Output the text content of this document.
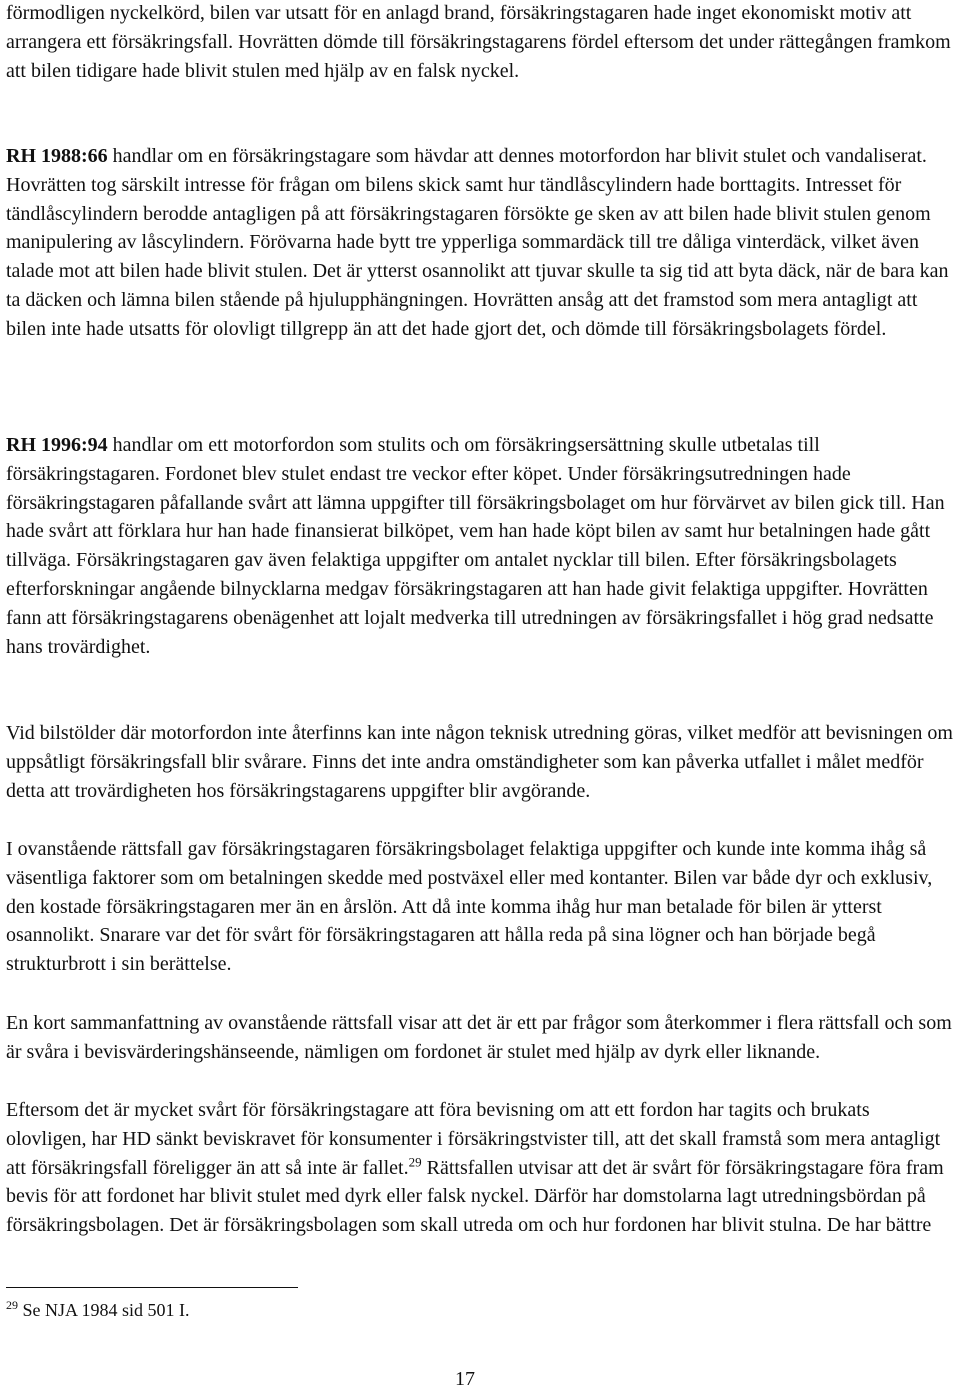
förmodligen nyckelkörd, bilen var utsatt för en anlagd brand, försäkringstagaren hade inget ekonomiskt motiv att arrangera ett försäkringsfall. Hovrätten dömde till försäkringstagarens fördel eftersom det under rättegången framkom att bilen tidigare hade blivit stulen med hjälp av en falsk nyckel.

RH 1988:66 handlar om en försäkringstagare som hävdar att dennes motorfordon har blivit stulet och vandaliserat. Hovrätten tog särskilt intresse för frågan om bilens skick samt hur tändlåscylindern hade borttagits. Intresset för tändlåscylindern berodde antagligen på att försäkringstagaren försökte ge sken av att bilen hade blivit stulen genom manipulering av låscylindern. Förövarna hade bytt tre ypperliga sommardäck till tre dåliga vinterdäck, vilket även talade mot att bilen hade blivit stulen. Det är ytterst osannolikt att tjuvar skulle ta sig tid att byta däck, när de bara kan ta däcken och lämna bilen stående på hjulupphängningen. Hovrätten ansåg att det framstod som mera antagligt att bilen inte hade utsatts för olovligt tillgrepp än att det hade gjort det, och dömde till försäkringsbolagets fördel.

RH 1996:94 handlar om ett motorfordon som stulits och om försäkringsersättning skulle utbetalas till försäkringstagaren. Fordonet blev stulet endast tre veckor efter köpet. Under försäkringsutredningen hade försäkringstagaren påfallande svårt att lämna uppgifter till försäkringsbolaget om hur förvärvet av bilen gick till. Han hade svårt att förklara hur han hade finansierat bilköpet, vem han hade köpt bilen av samt hur betalningen hade gått tillväga. Försäkringstagaren gav även felaktiga uppgifter om antalet nycklar till bilen. Efter försäkringsbolagets efterforskningar angående bilnycklarna medgav försäkringstagaren att han hade givit felaktiga uppgifter. Hovrätten fann att försäkringstagarens obenägenhet att lojalt medverka till utredningen av försäkringsfallet i hög grad nedsatte hans trovärdighet.

Vid bilstölder där motorfordon inte återfinns kan inte någon teknisk utredning göras, vilket medför att bevisningen om uppsåtligt försäkringsfall blir svårare. Finns det inte andra omständigheter som kan påverka utfallet i målet medför detta att trovärdigheten hos försäkringstagarens uppgifter blir avgörande.

I ovanstående rättsfall gav försäkringstagaren försäkringsbolaget felaktiga uppgifter och kunde inte komma ihåg så väsentliga faktorer som om betalningen skedde med postväxel eller med kontanter. Bilen var både dyr och exklusiv, den kostade försäkringstagaren mer än en årslön. Att då inte komma ihåg hur man betalade för bilen är ytterst osannolikt. Snarare var det för svårt för försäkringstagaren att hålla reda på sina lögner och han började begå strukturbrott i sin berättelse.

En kort sammanfattning av ovanstående rättsfall visar att det är ett par frågor som återkommer i flera rättsfall och som är svåra i bevisvärderingshänseende, nämligen om fordonet är stulet med hjälp av dyrk eller liknande.

Eftersom det är mycket svårt för försäkringstagare att föra bevisning om att ett fordon har tagits och brukats olovligen, har HD sänkt beviskravet för konsumenter i försäkringstvister till, att det skall framstå som mera antagligt att försäkringsfall föreligger än att så inte är fallet.$^{29}$ Rättsfallen utvisar att det är svårt för försäkringstagare föra fram bevis för att fordonet har blivit stulet med dyrk eller falsk nyckel. Därför har domstolarna lagt utredningsbördan på försäkringsbolagen. Det är försäkringsbolagen som skall utreda om och hur fordonen har blivit stulna. De har bättre

$^{29}$ Se NJA 1984 sid 501 I.
17
